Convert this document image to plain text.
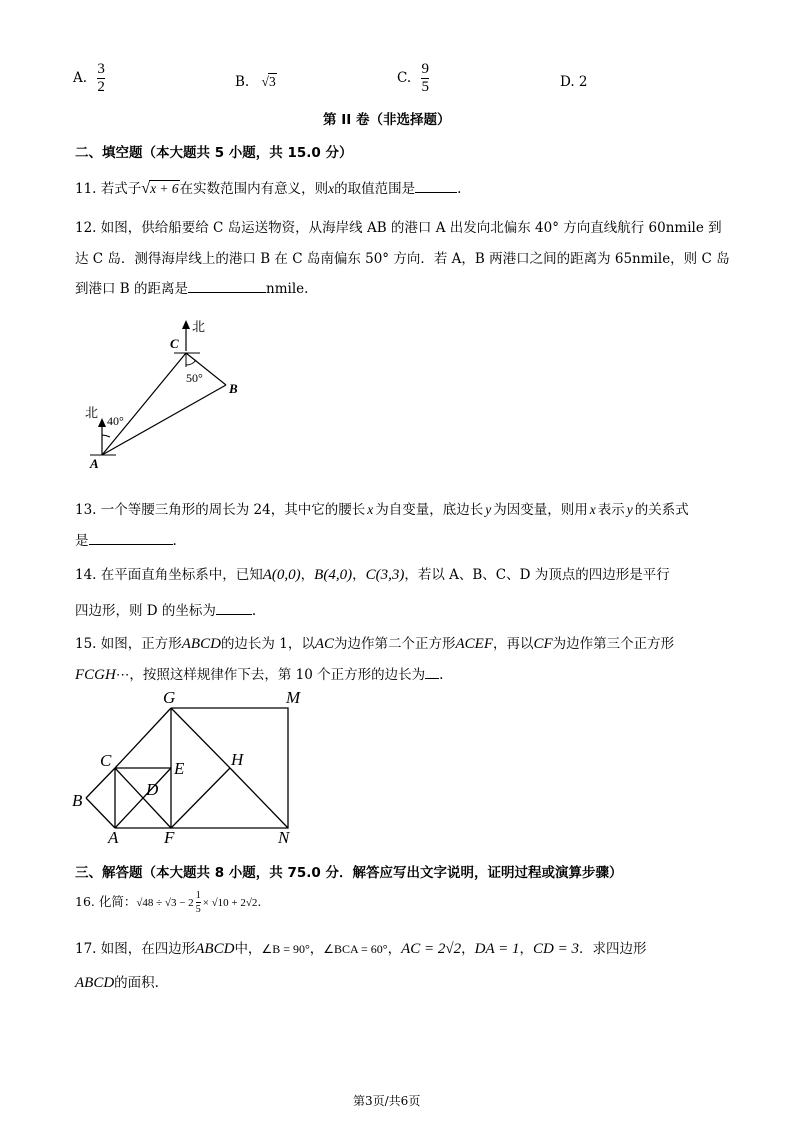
A. $\frac{3}{2}$	B. √3	C. $\frac{9}{5}$	D. 2
第 II 卷（非选择题）
二、填空题（本大题共 5 小题，共 15.0 分）
11. 若式子√x + 6在实数范围内有意义，则x的取值范围是	.
12. 如图，供给船要给 C 岛运送物资，从海岸线 AB 的港口 A 出发向北偏东 40° 方向直线航行 60nmile 到
达 C 岛．测得海岸线上的港口 B 在 C 岛南偏东 50° 方向．若 A，B 两港口之间的距离为 65nmile，则 C 岛
到港口 B 的距离是	nmile.
北
C
50°
B
北
40°
A
13. 一个等腰三角形的周长为 24，其中它的腰长 x 为自变量，底边长 y 为因变量，则用 x 表示 y 的关系式
是	.
14. 在平面直角坐标系中，已知A(0,0)，B(4,0)，C(3,3)，若以 A、B、C、D 为顶点的四边形是平行
四边形，则 D 的坐标为	.
15. 如图，正方形ABCD的边长为 1，以AC为边作第二个正方形ACEF，再以CF为边作第三个正方形
FCGH⋯，按照这样规律作下去，第 10 个正方形的边长为 .
G	M
C	E	H
D
B
A	F	N
三、解答题（本大题共 8 小题，共 75.0 分．解答应写出文字说明，证明过程或演算步骤）
16. 化简：$√48 \div √3 - 2 \frac{1}{5} \times √10 + 2√2$.
17. 如图，在四边形ABCD中，∠B = 90°，∠BCA = 60°，AC = 2√2，DA = 1，CD = 3．求四边形
ABCD的面积.
第3页/共6页
